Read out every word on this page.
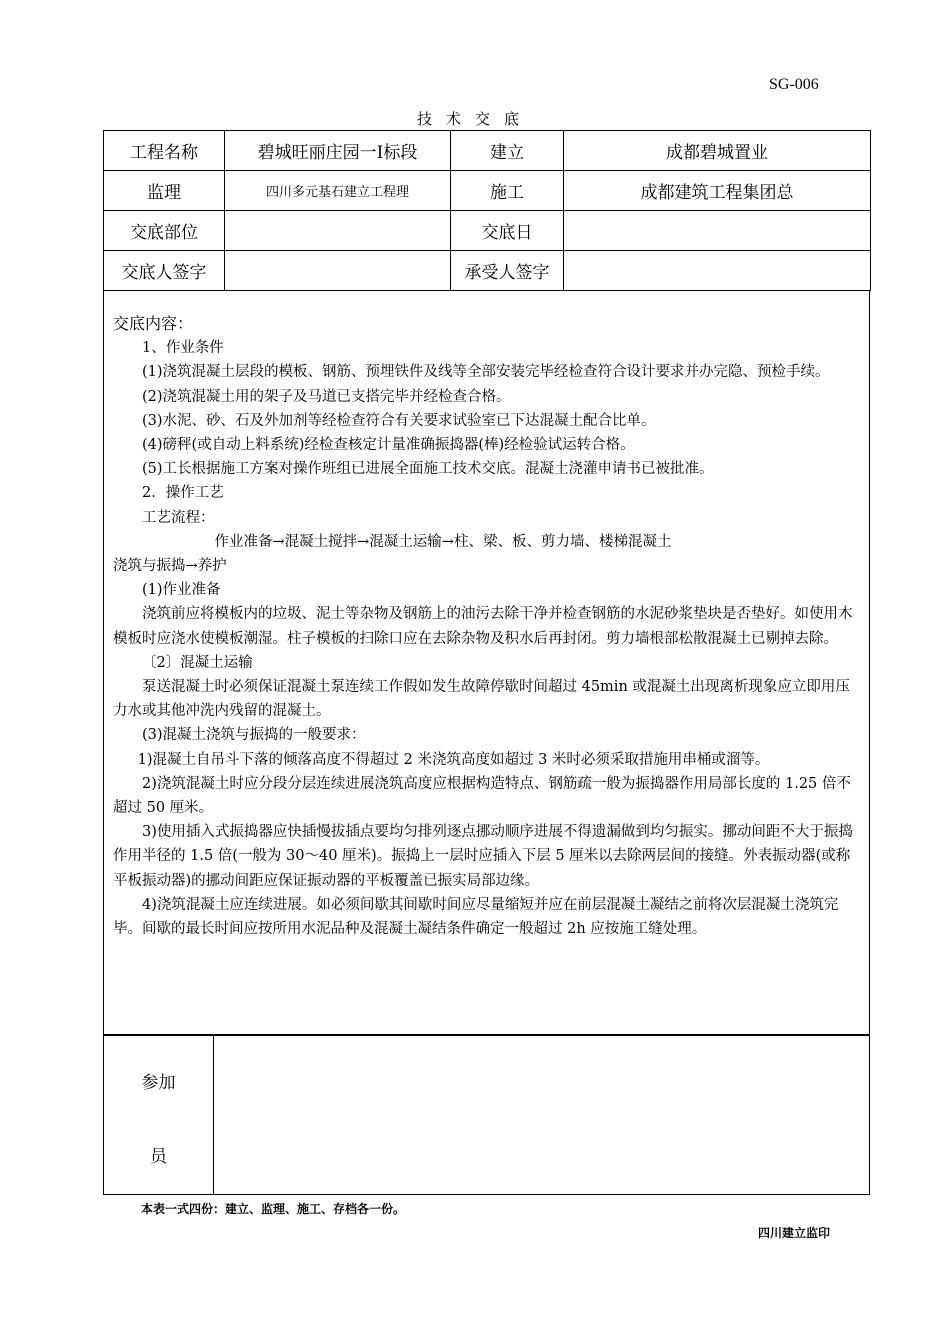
SG-006
技术交底
工程名称	碧城旺丽庄园一Ⅰ标段	建立	成都碧城置业
监理	四川多元基石建立工程理	施工	成都建筑工程集团总
交底部位		交底日	
交底人签字		承受人签字	

交底内容：

1、作业条件

(1)浇筑混凝土层段的模板、钢筋、预埋铁件及线等全部安装完毕经检查符合设计要求并办完隐、预检手续。

(2)浇筑混凝土用的架子及马道已支搭完毕并经检查合格。

(3)水泥、砂、石及外加剂等经检查符合有关要求试验室已下达混凝土配合比单。

(4)磅秤(或自动上料系统)经检查核定计量准确振捣器(棒)经检验试运转合格。

(5)工长根据施工方案对操作班组已进展全面施工技术交底。混凝土浇灌申请书已被批准。

2．操作工艺

工艺流程：

作业准备→混凝土搅拌→混凝土运输→柱、梁、板、剪力墙、楼梯混凝土

浇筑与振捣→养护

(1)作业准备

浇筑前应将模板内的垃圾、泥土等杂物及钢筋上的油污去除干净并检查钢筋的水泥砂浆垫块是否垫好。如使用木模板时应浇水使模板潮湿。柱子模板的扫除口应在去除杂物及积水后再封闭。剪力墙根部松散混凝土已剔掉去除。

〔2〕混凝土运输

泵送混凝土时必须保证混凝土泵连续工作假如发生故障停歇时间超过 45min 或混凝土出现离析现象应立即用压力水或其他冲洗内残留的混凝土。

(3)混凝土浇筑与振捣的一般要求：

1)混凝土自吊斗下落的倾落高度不得超过 2 米浇筑高度如超过 3 米时必须采取措施用串桶或溜等。

2)浇筑混凝土时应分段分层连续进展浇筑高度应根据构造特点、钢筋疏一般为振捣器作用局部长度的 1.25 倍不超过 50 厘米。

3)使用插入式振捣器应快插慢拔插点要均匀排列逐点挪动顺序进展不得遗漏做到均匀振实。挪动间距不大于振捣作用半径的 1.5 倍(一般为 30～40 厘米)。振捣上一层时应插入下层 5 厘米以去除两层间的接缝。外表振动器(或称平板振动器)的挪动间距应保证振动器的平板覆盖已振实局部边缘。

4)浇筑混凝土应连续进展。如必须间歇其间歇时间应尽量缩短并应在前层混凝土凝结之前将次层混凝土浇筑完毕。间歇的最长时间应按所用水泥品种及混凝土凝结条件确定一般超过 2h 应按施工缝处理。

参加
员
本表一式四份：建立、监理、施工、存档各一份。
四川建立监印
